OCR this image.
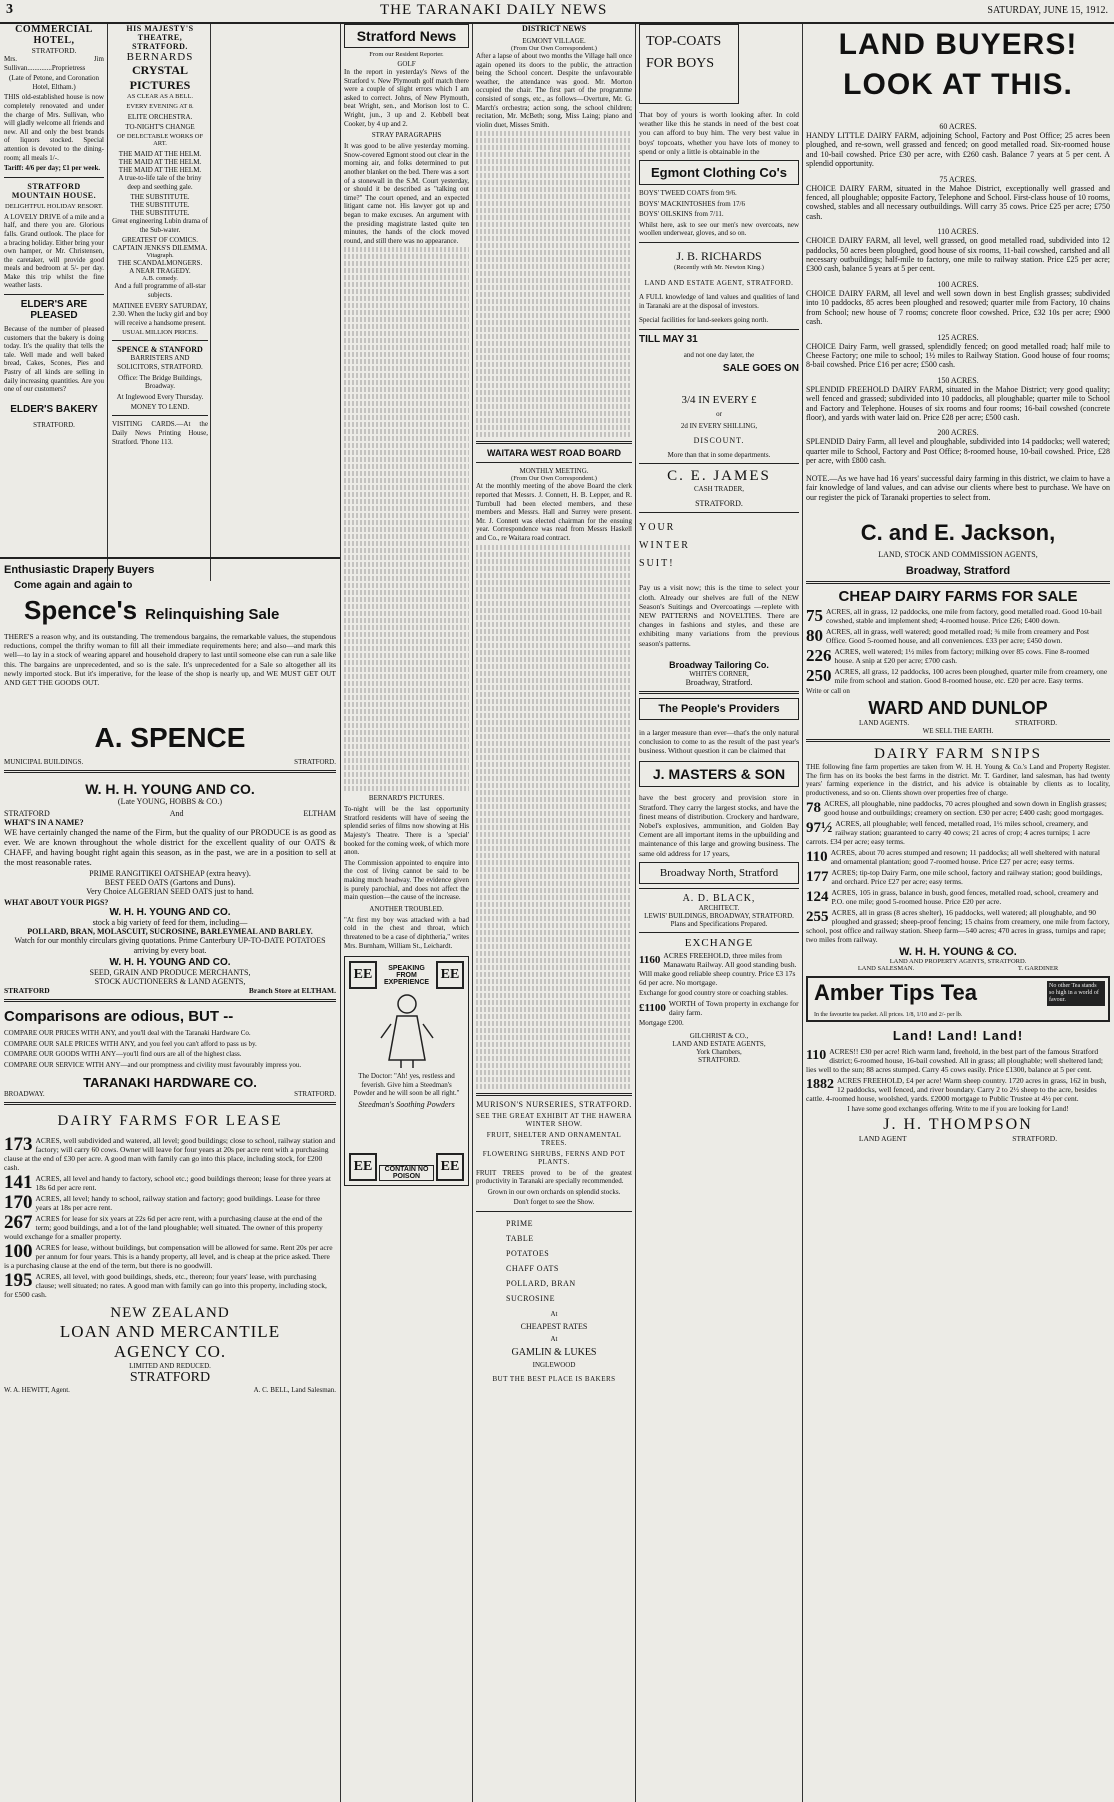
3	THE TARANAKI DAILY NEWS	SATURDAY, JUNE 15, 1912.
COMMERCIAL HOTEL,
STRATFORD.
Mrs. Jim Sullivan..............Proprietress
(Late of Petone, and Coronation Hotel, Eltham.)
THIS old-established house is now completely renovated and under the charge of Mrs. Sullivan, who will gladly welcome all friends and new. All and only the best brands of liquors stocked. Special attention is devoted to the dining-room; all meals 1/-.
Tariff: 4/6 per day; £1 per week.
STRATFORD MOUNTAIN HOUSE.
DELIGHTFUL HOLIDAY RESORT.
A LOVELY DRIVE of a mile and a half, and there you are. Glorious falls. Grand outlook. The place for a bracing holiday. Either bring your own hamper, or Mr. Christensen, the caretaker, will provide good meals and bedroom at 5/- per day. Make this trip whilst the fine weather lasts.
ELDER'S ARE PLEASED
Because of the number of pleased customers that the bakery is doing today. It's the quality that tells the tale. Well made and well baked bread, Cakes, Scones, Pies and Pastry of all kinds are selling in daily increasing quantities. Are you one of our customers?
ELDER'S BAKERY
STRATFORD.
HIS MAJESTY'S THEATRE, STRATFORD.
BERNARDS
CRYSTAL PICTURES
AS CLEAR AS A BELL.
EVERY EVENING AT 8.
ELITE ORCHESTRA.
TO-NIGHT'S CHANGE
OF DELECTABLE WORKS OF ART.
THE MAID AT THE HELM.
THE MAID AT THE HELM.
THE MAID AT THE HELM.
A true-to-life tale of the briny deep and seething gale.
THE SUBSTITUTE.
THE SUBSTITUTE.
THE SUBSTITUTE.
Great engineering Lubin drama of the Sub-water.
GREATEST OF COMICS.
CAPTAIN JENKS'S DILEMMA.
Vitagraph.
THE SCANDALMONGERS.
A NEAR TRAGEDY.
A.B. comedy.
And a full programme of all-star subjects.
MATINEE EVERY SATURDAY, 2.30. When the lucky girl and boy will receive a handsome present.
USUAL MILLION PRICES.
SPENCE & STANFORD
BARRISTERS AND SOLICITORS, STRATFORD.
Office: The Bridge Buildings, Broadway.
At Inglewood Every Thursday.
MONEY TO LEND.
VISITING CARDS.—At the Daily News Printing House, Stratford. 'Phone 113.
Enthusiastic Drapery Buyers
Come again and again to
Spence's Relinquishing Sale
THERE'S a reason why, and its outstanding. The tremendous bargains, the remarkable values, the stupendous reductions, compel the thrifty woman to fill all their immediate requirements here; and also—and mark this well—to lay in a stock of wearing apparel and household drapery to last until someone else can run a sale like this. The bargains are unprecedented, and so is the sale. It's unprecedented for a Sale so altogether all its newly imported stock. But it's imperative, for the lease of the shop is nearly up, and WE MUST GET OUT AND GET THE GOODS OUT.
A. SPENCE
MUNICIPAL BUILDINGS.	STRATFORD.
W. H. H. YOUNG AND CO.
(Late YOUNG, HOBBS & CO.)
STRATFORD	And	ELTHAM
WHAT'S IN A NAME?
WE have certainly changed the name of the Firm, but the quality of our PRODUCE is as good as ever. We are known throughout the whole district for the excellent quality of our OATS & CHAFF, and having bought right again this season, as in the past, we are in a position to sell at the most reasonable rates.
PRIME RANGITIKEI OATSHEAP (extra heavy).
BEST FEED OATS (Gartons and Duns).
Very Choice ALGERIAN SEED OATS just to hand.
WHAT ABOUT YOUR PIGS?
W. H. H. YOUNG AND CO.
stock a big variety of feed for them, including—
POLLARD, BRAN, MOLASCUIT, SUCROSINE, BARLEYMEAL AND BARLEY.
Watch for our monthly circulars giving quotations. Prime Canterbury UP-TO-DATE POTATOES arriving by every boat.
W. H. H. YOUNG AND CO.
SEED, GRAIN AND PRODUCE MERCHANTS,
STOCK AUCTIONEERS & LAND AGENTS,
STRATFORD	Branch Store at ELTHAM.
Comparisons are odious, BUT --
COMPARE OUR PRICES WITH ANY, and you'll deal with the Taranaki Hardware Co.
COMPARE OUR SALE PRICES WITH ANY, and you feel you can't afford to pass us by.
COMPARE OUR GOODS WITH ANY—you'll find ours are all of the highest class.
COMPARE OUR SERVICE WITH ANY—and our promptness and civility must favourably impress you.
TARANAKI HARDWARE CO.
BROADWAY.	STRATFORD.
DAIRY FARMS FOR LEASE
173 ACRES, well subdivided and watered, all level; good buildings; close to school, railway station and factory; will carry 60 cows. Owner will leave for four years at 20s per acre rent with a purchasing clause at the end of £30 per acre. A good man with family can go into this place, including stock, for £200 cash.
141 ACRES, all level and handy to factory, school etc.; good buildings thereon; lease for three years at 18s 6d per acre rent.
170 ACRES, all level; handy to school, railway station and factory; good buildings. Lease for three years at 18s per acre rent.
267 ACRES for lease for six years at 22s 6d per acre rent, with a purchasing clause at the end of the term; good buildings, and a lot of the land ploughable; well situated. The owner of this property would exchange for a smaller property.
100 ACRES for lease, without buildings, but compensation will be allowed for same. Rent 20s per acre per annum for four years. This is a handy property, all level, and is cheap at the price asked. There is a purchasing clause at the end of the term, but there is no goodwill.
195 ACRES, all level, with good buildings, sheds, etc., thereon; four years' lease, with purchasing clause; well situated; no rates. A good man with family can go into this property, including stock, for £500 cash.
NEW ZEALAND
LOAN AND MERCANTILE
AGENCY CO.
LIMITED AND REDUCED.
STRATFORD
W. A. HEWITT, Agent.	A. C. BELL, Land Salesman.
Stratford News
From our Resident Reporter.
GOLF
In the report in yesterday's News of the Stratford v. New Plymouth golf match there were a couple of slight errors which I am asked to correct. Johns, of New Plymouth, beat Wright, sen., and Morison lost to C. Wright, jun., 3 up and 2. Kebbell beat Cooker, by 4 up and 2.
STRAY PARAGRAPHS
It was good to be alive yesterday morning. Snow-covered Egmont stood out clear in the morning air, and folks determined to put another blanket on the bed. There was a sort of a stonewall in the S.M. Court yesterday, or should it be described as "talking out time?" The court opened, and an expected litigant came not. His lawyer got up and began to make excuses. An argument with the presiding magistrate lasted quite ten minutes, the hands of the clock moved round, and still there was no appearance.
BERNARD'S PICTURES.
To-night will be the last opportunity Stratford residents will have of seeing the splendid series of films now showing at His Majesty's Theatre. There is a 'special' booked for the coming week, of which more anon.
The Commission appointed to enquire into the cost of living cannot be said to be making much headway. The evidence given is purely parochial, and does not affect the main question—the cause of the increase.
ANOTHER TROUBLED.
"At first my boy was attacked with a bad cold in the chest and throat, which threatened to be a case of diphtheria," writes Mrs. Burnham, William St., Leichardt.
EE	EE
SPEAKING FROM EXPERIENCE
The Doctor: "Ah! yes, restless and feverish. Give him a Steedman's Powder and he will soon be all right."
Steedman's Soothing Powders
EE	EE
CONTAIN NO POISON
DISTRICT NEWS
EGMONT VILLAGE.
(From Our Own Correspondent.)
After a lapse of about two months the Village hall once again opened its doors to the public, the attraction being the School concert. Despite the unfavourable weather, the attendance was good. Mr. Morton occupied the chair. The first part of the programme consisted of songs, etc., as follows—Overture, Mr. G. March's orchestra; action song, the school children; recitation, Mr. McBeth; song, Miss Laing; piano and violin duet, Misses Smith.
WAITARA WEST ROAD BOARD
MONTHLY MEETING.
(From Our Own Correspondent.)
At the monthly meeting of the above Board the clerk reported that Messrs. J. Connett, H. B. Lepper, and R. Turnbull had been elected members, and these members and Messrs. Hall and Surrey were present. Mr. J. Connett was elected chairman for the ensuing year. Correspondence was read from Messrs Haskell and Co., re Waitara road contract.
MURISON'S NURSERIES, STRATFORD.
SEE THE GREAT EXHIBIT AT THE HAWERA WINTER SHOW.
FRUIT, SHELTER AND ORNAMENTAL TREES.
FLOWERING SHRUBS, FERNS AND POT PLANTS.
FRUIT TREES proved to be of the greatest productivity in Taranaki are specially recommended.
Grown in our own orchards on splendid stocks.
Don't forget to see the Show.
PRIME
TABLE
POTATOES
CHAFF OATS
POLLARD, BRAN
SUCROSINE
At
CHEAPEST RATES
At
GAMLIN & LUKES
INGLEWOOD
BUT THE BEST PLACE IS BAKERS
TOP-COATS FOR BOYS
That boy of yours is worth looking after. In cold weather like this he stands in need of the best coat you can afford to buy him. The very best value in boys' topcoats, whether you have lots of money to spend or only a little is obtainable in the
Egmont Clothing Co's
BOYS' TWEED COATS from 9/6.
BOYS' MACKINTOSHES from 17/6
BOYS' OILSKINS from 7/11.
Whilst here, ask to see our men's new overcoats, new woollen underwear, gloves, and so on.
J. B. RICHARDS
(Recently with Mr. Newton King.)
LAND AND ESTATE AGENT, STRATFORD.
A FULL knowledge of land values and qualities of land in Taranaki are at the disposal of investors.
Special facilities for land-seekers going north.
TILL MAY 31
and not one day later, the
SALE GOES ON
3/4 IN EVERY £
or
2d IN EVERY SHILLING,
DISCOUNT.
More than that in some departments.
C. E. JAMES
CASH TRADER,
STRATFORD.
YOUR WINTER SUIT!
Pay us a visit now; this is the time to select your cloth. Already our shelves are full of the NEW Season's Suitings and Overcoatings —replete with NEW PATTERNS and NOVELTIES. There are changes in fashions and styles, and these are exhibiting many variations from the previous season's patterns.
Broadway Tailoring Co.
WHITE'S CORNER,
Broadway, Stratford.
The People's Providers
in a larger measure than ever—that's the only natural conclusion to come to as the result of the past year's business. Without question it can be claimed that
J. MASTERS & SON
have the best grocery and provision store in Stratford. They carry the largest stocks, and have the finest means of distribution. Crockery and hardware, Nobel's explosives, ammunition, and Golden Bay Cement are all important items in the upbuilding and maintenance of this large and growing business. The same old address for 17 years,
Broadway North, Stratford
A. D. BLACK,
ARCHITECT.
LEWIS' BUILDINGS, BROADWAY, STRATFORD.
Plans and Specifications Prepared.
EXCHANGE
1160 ACRES FREEHOLD, three miles from Manawatu Railway. All good standing bush. Will make good reliable sheep country. Price £3 17s 6d per acre. No mortgage.
Exchange for good country store or coaching stables.
£1100 WORTH of Town property in exchange for dairy farm.
Mortgage £200.
GILCHRIST & CO.,
LAND AND ESTATE AGENTS,
York Chambers,
STRATFORD.
LAND BUYERS!
LOOK AT THIS.
60 ACRES.
HANDY LITTLE DAIRY FARM, adjoining School, Factory and Post Office; 25 acres been ploughed, and re-sown, well grassed and fenced; on good metalled road. Six-roomed house and 10-bail cowshed. Price £30 per acre, with £260 cash. Balance 7 years at 5 per cent. A splendid opportunity.
75 ACRES.
CHOICE DAIRY FARM, situated in the Mahoe District, exceptionally well grassed and fenced, all ploughable; opposite Factory, Telephone and School. First-class house of 10 rooms, cowshed, stables and all necessary outbuildings. Will carry 35 cows. Price £25 per acre; £750 cash.
110 ACRES.
CHOICE DAIRY FARM, all level, well grassed, on good metalled road, subdivided into 12 paddocks, 50 acres been ploughed, good house of six rooms, 11-bail cowshed, cartshed and all necessary outbuildings; half-mile to factory, one mile to railway station. Price £25 per acre; £300 cash, balance 5 years at 5 per cent.
100 ACRES.
CHOICE DAIRY FARM, all level and well sown down in best English grasses; subdivided into 10 paddocks, 85 acres been ploughed and resowed; quarter mile from Factory, 10 chains from School; new house of 7 rooms; concrete floor cowshed. Price, £32 10s per acre; £900 cash.
125 ACRES.
CHOICE Dairy Farm, well grassed, splendidly fenced; on good metalled road; half mile to Cheese Factory; one mile to school; 1½ miles to Railway Station. Good house of four rooms; 8-bail cowshed. Price £16 per acre; £500 cash.
150 ACRES.
SPLENDID FREEHOLD DAIRY FARM, situated in the Mahoe District; very good quality; well fenced and grassed; subdivided into 10 paddocks, all ploughable; quarter mile to School and Factory and Telephone. Houses of six rooms and four rooms; 16-bail cowshed (concrete floor), and yards with water laid on. Price £28 per acre; £500 cash.
200 ACRES.
SPLENDID Dairy Farm, all level and ploughable, subdivided into 14 paddocks; well watered; quarter mile to School, Factory and Post Office; 8-roomed house, 10-bail cowshed. Price, £28 per acre, with £800 cash.
NOTE.—As we have had 16 years' successful dairy farming in this district, we claim to have a fair knowledge of land values, and can advise our clients where best to purchase. We have on our register the pick of Taranaki properties to select from.
C. and E. Jackson,
LAND, STOCK AND COMMISSION AGENTS,
Broadway, Stratford
CHEAP DAIRY FARMS FOR SALE
75 ACRES, all in grass, 12 paddocks, one mile from factory, good metalled road. Good 10-bail cowshed, stable and implement shed; 4-roomed house. Price £26; £400 down.
80 ACRES, all in grass, well watered; good metalled road; ¾ mile from creamery and Post Office. Good 5-roomed house, and all conveniences. £33 per acre; £450 down.
226 ACRES, well watered; 1½ miles from factory; milking over 85 cows. Fine 8-roomed house. A snip at £20 per acre; £700 cash.
250 ACRES, all grass, 12 paddocks, 100 acres been ploughed, quarter mile from creamery, one mile from school and station. Good 8-roomed house, etc. £20 per acre. Easy terms.
Write or call on
WARD AND DUNLOP
LAND AGENTS.	STRATFORD.
WE SELL THE EARTH.
DAIRY FARM SNIPS
THE following fine farm properties are taken from W. H. H. Young & Co.'s Land and Property Register. The firm has on its books the best farms in the district. Mr. T. Gardiner, land salesman, has had twenty years' farming experience in the district, and his advice is obtainable by clients as to locality, productiveness, and so on. Clients shown over properties free of charge.
78 ACRES, all ploughable, nine paddocks, 70 acres ploughed and sown down in English grasses; good house and outbuildings; creamery on section. £30 per acre; £400 cash; good mortgages.
97½ ACRES, all ploughable; well fenced, metalled road, 1½ miles school, creamery, and railway station; guaranteed to carry 40 cows; 21 acres of crop; 4 acres turnips; 1 acre carrots. £34 per acre; easy terms.
110 ACRES, about 70 acres stumped and resown; 11 paddocks; all well sheltered with natural and ornamental plantation; good 7-roomed house. Price £27 per acre; easy terms.
177 ACRES; tip-top Dairy Farm, one mile school, factory and railway station; good buildings, and orchard. Price £27 per acre; easy terms.
124 ACRES, 105 in grass, balance in bush, good fences, metalled road, school, creamery and P.O. one mile; good 5-roomed house. Price £20 per acre.
255 ACRES, all in grass (8 acres shelter), 16 paddocks, well watered; all ploughable, and 90 ploughed and grassed; sheep-proof fencing; 15 chains from creamery, one mile from factory, school, post office and railway station. Sheep farm—540 acres; 470 acres in grass, turnips and rape; two miles from railway.
W. H. H. YOUNG & CO.
LAND AND PROPERTY AGENTS, STRATFORD.
LAND SALESMAN.	T. GARDINER
Amber Tips Tea
In the favourite tea packet. All prices. 1/8, 1/10 and 2/- per lb.
No other Tea stands so high in a world of favour.
Land! Land! Land!
110 ACRES!! £30 per acre! Rich warm land, freehold, in the best part of the famous Stratford district; 6-roomed house, 16-bail cowshed. All in grass; all ploughable; well sheltered land; lies well to the sun; 88 acres stumped. Carry 45 cows easily. Price £1300, balance at 5 per cent.
1882 ACRES FREEHOLD, £4 per acre! Warm sheep country. 1720 acres in grass, 162 in bush, 12 paddocks, well fenced, and river boundary. Carry 2 to 2½ sheep to the acre, besides cattle. 4-roomed house, woolshed, yards. £2000 mortgage to Public Trustee at 4½ per cent.
I have some good exchanges offering. Write to me if you are looking for Land!
J. H. THOMPSON
LAND AGENT	STRATFORD.
